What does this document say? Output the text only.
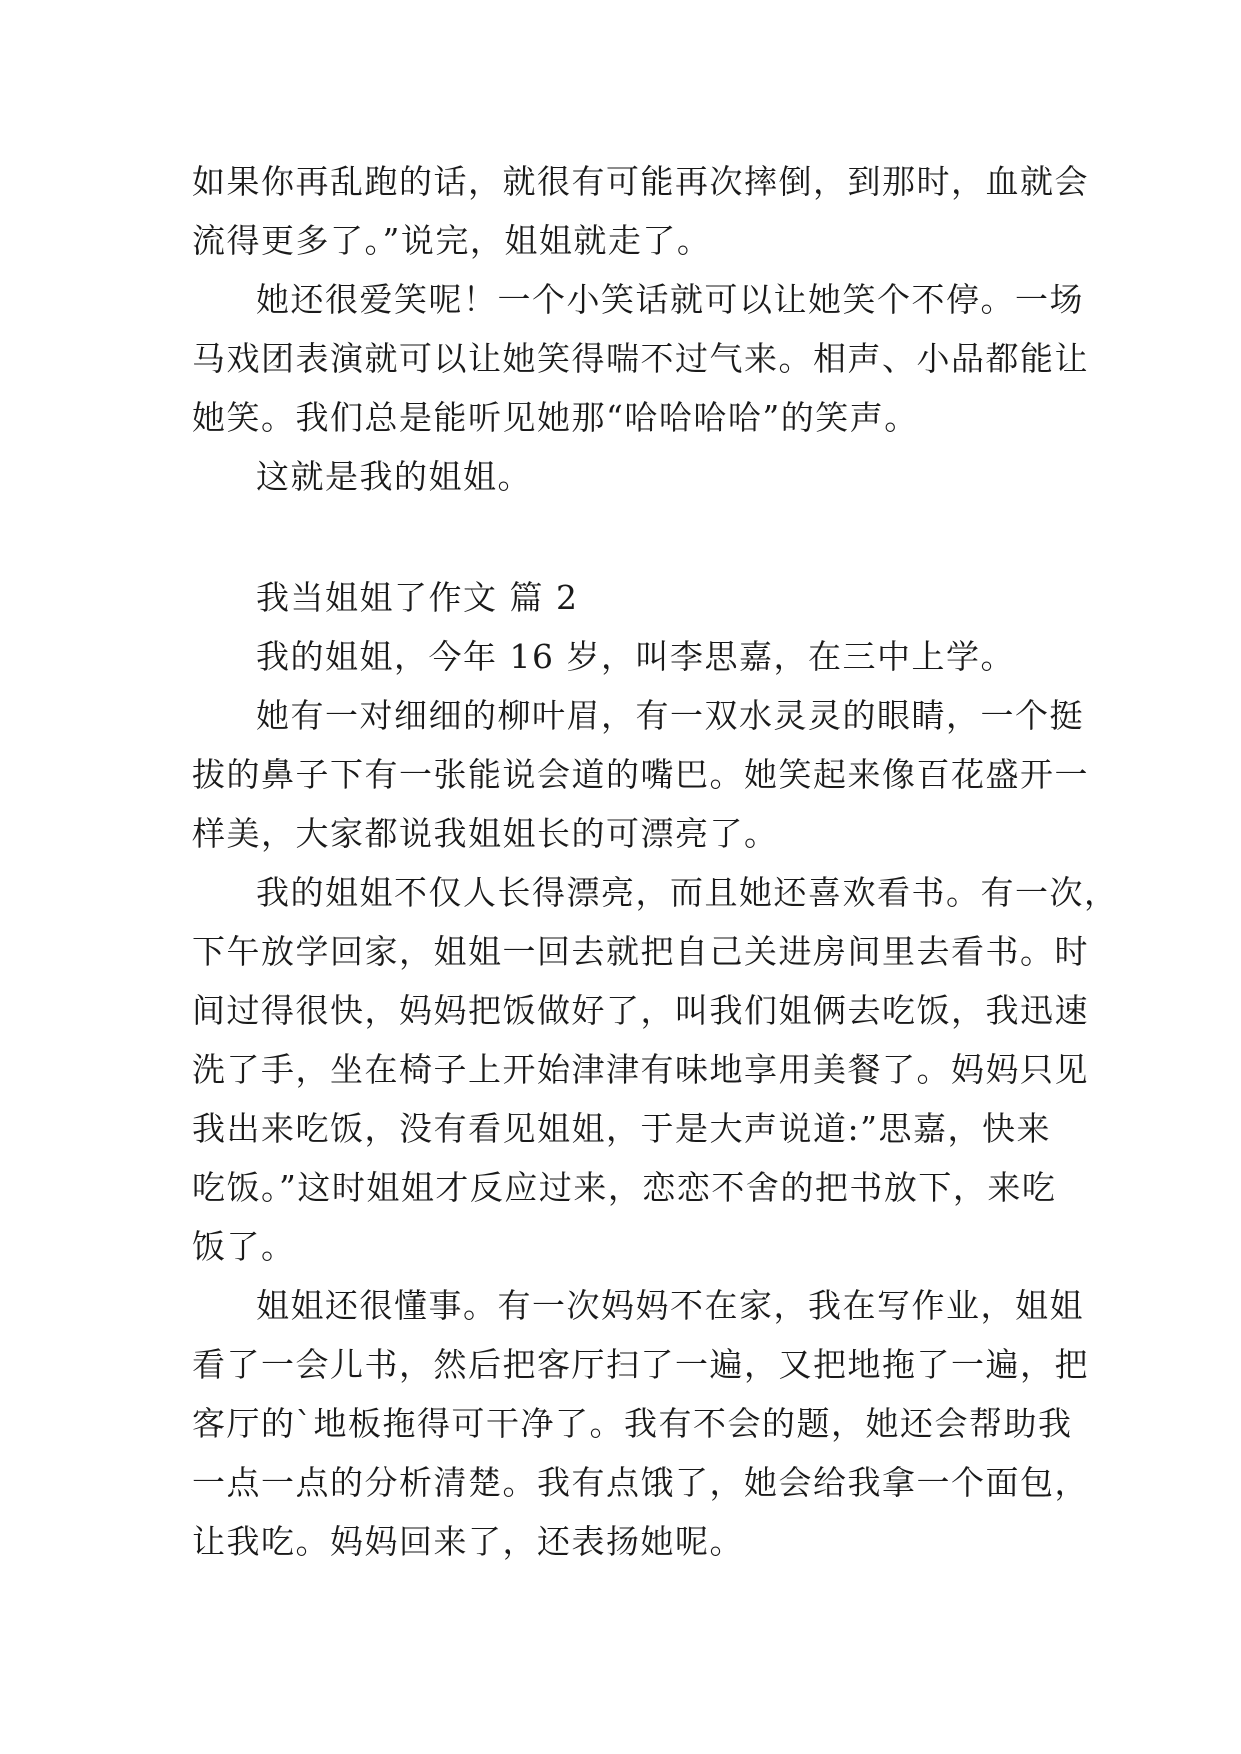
如果你再乱跑的话，就很有可能再次摔倒，到那时，血就会
流得更多了。”说完，姐姐就走了。
她还很爱笑呢！一个小笑话就可以让她笑个不停。一场
马戏团表演就可以让她笑得喘不过气来。相声、小品都能让
她笑。我们总是能听见她那“哈哈哈哈”的笑声。
这就是我的姐姐。
我当姐姐了作文 篇 2
我的姐姐，今年 16 岁，叫李思嘉，在三中上学。
她有一对细细的柳叶眉，有一双水灵灵的眼睛，一个挺
拔的鼻子下有一张能说会道的嘴巴。她笑起来像百花盛开一
样美，大家都说我姐姐长的可漂亮了。
我的姐姐不仅人长得漂亮，而且她还喜欢看书。有一次，
下午放学回家，姐姐一回去就把自己关进房间里去看书。时
间过得很快，妈妈把饭做好了，叫我们姐俩去吃饭，我迅速
洗了手，坐在椅子上开始津津有味地享用美餐了。妈妈只见
我出来吃饭，没有看见姐姐，于是大声说道:”思嘉，快来
吃饭。”这时姐姐才反应过来，恋恋不舍的把书放下，来吃
饭了。
姐姐还很懂事。有一次妈妈不在家，我在写作业，姐姐
看了一会儿书，然后把客厅扫了一遍，又把地拖了一遍，把
客厅的`地板拖得可干净了。我有不会的题，她还会帮助我
一点一点的分析清楚。我有点饿了，她会给我拿一个面包，
让我吃。妈妈回来了，还表扬她呢。
